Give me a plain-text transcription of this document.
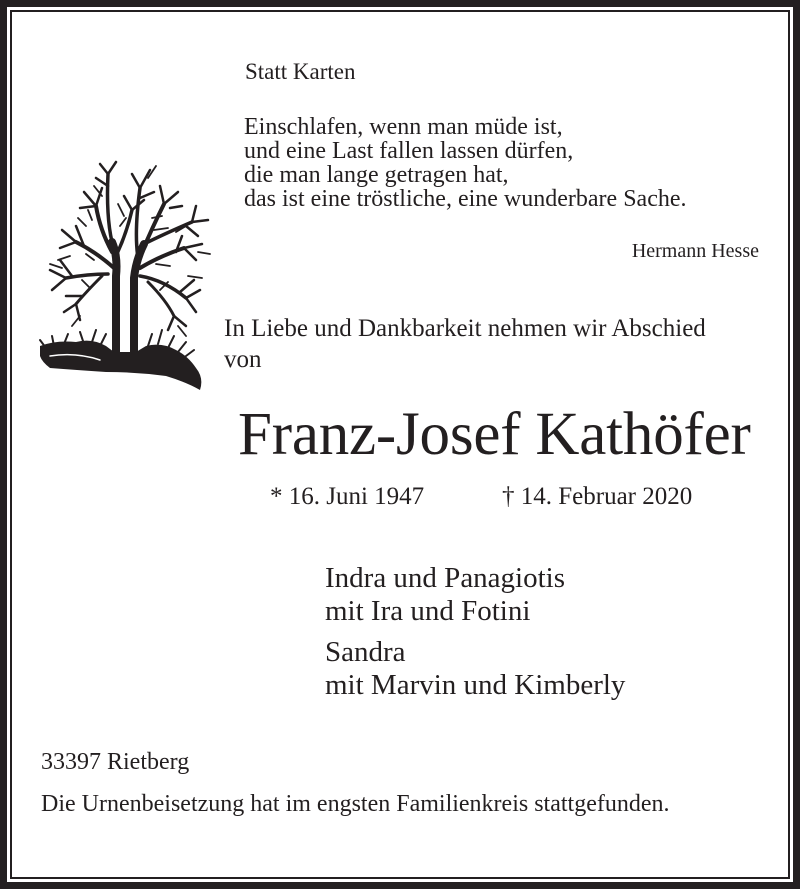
Statt Karten

Einschlafen, wenn man müde ist,
und eine Last fallen lassen dürfen,
die man lange getragen hat,
das ist eine tröstliche, eine wunderbare Sache.

Hermann Hesse

In Liebe und Dankbarkeit nehmen wir Abschied
von
Franz-Josef Kathöfer

* 16. Juni 1947	† 14. Februar 2020

Indra und Panagiotis
mit Ira und Fotini
Sandra
mit Marvin und Kimberly

33397 Rietberg

Die Urnenbeisetzung hat im engsten Familienkreis stattgefunden.
